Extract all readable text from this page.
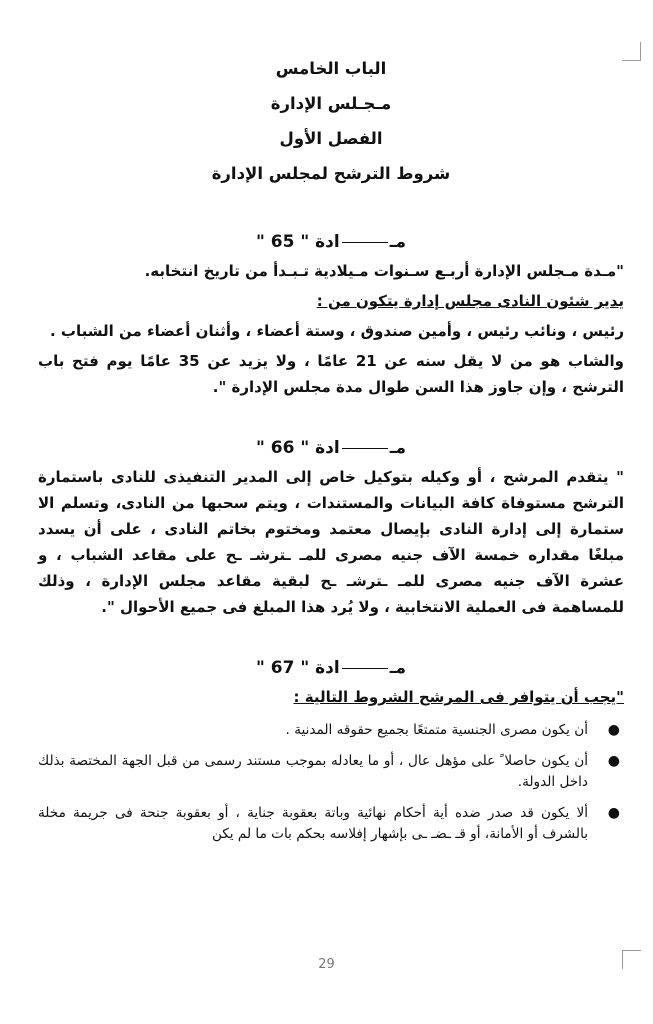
الباب الخامس
مـجـلس الإدارة
الفصل الأول
شروط الترشح لمجلس الإدارة
مـادة " 65 "

"مـدة مـجلس الإدارة أربـع سـنوات مـيلادية تـبـدأ من تاريخ انتخابه.

يدير شئون النادى مجلس إدارة يتكون من :

رئيس ، ونائب رئيس ، وأمين صندوق ، وستة أعضاء ، وأثنان أعضاء من الشباب .

والشاب هو من لا يقل سنه عن 21 عامًا ، ولا يزيد عن 35 عامًا يوم فتح باب الترشح ، وإن جاوز هذا السن طوال مدة مجلس الإدارة ".

مـادة " 66 "

" يتقدم المرشح ، أو وكيله بتوكيل خاص إلى المدير التنفيذى للنادى باستمارة الترشح مستوفاة كافة البيانات والمستندات ، ويتم سحبها من النادى، وتسلم الا ستمارة إلى إدارة النادى بإيصال معتمد ومختوم بخاتم النادى ، على أن يسدد مبلغًا مقداره خمسة الآف جنيه مصرى للمـ ـترشـ ـح على مقاعد الشباب ، و عشرة الآف جنيه مصرى للمـ ـترشـ ـح لبقية مقاعد مجلس الإدارة ، وذلك للمساهمة فى العملية الانتخابية ، ولا يُرد هذا المبلغ فى جميع الأحوال ".

مـادة " 67 "

"يجب أن يتوافر فى المرشح الشروط التالية :

●
أن يكون مصرى الجنسية متمتعًا بجميع حقوقه المدنية .
●
أن يكون حاصلا ً على مؤهل عال ، أو ما يعادله بموجب مستند رسمى من قبل الجهة المختصة بذلك داخل الدولة.
●
ألا يكون قد صدر ضده أية أحكام نهائية وباتة بعقوبة جناية ، أو بعقوبة جنحة فى جريمة مخلة بالشرف أو الأمانة، أو قـ ـضـ ـى بإشهار إفلاسه بحكم بات ما لم يكن
29
